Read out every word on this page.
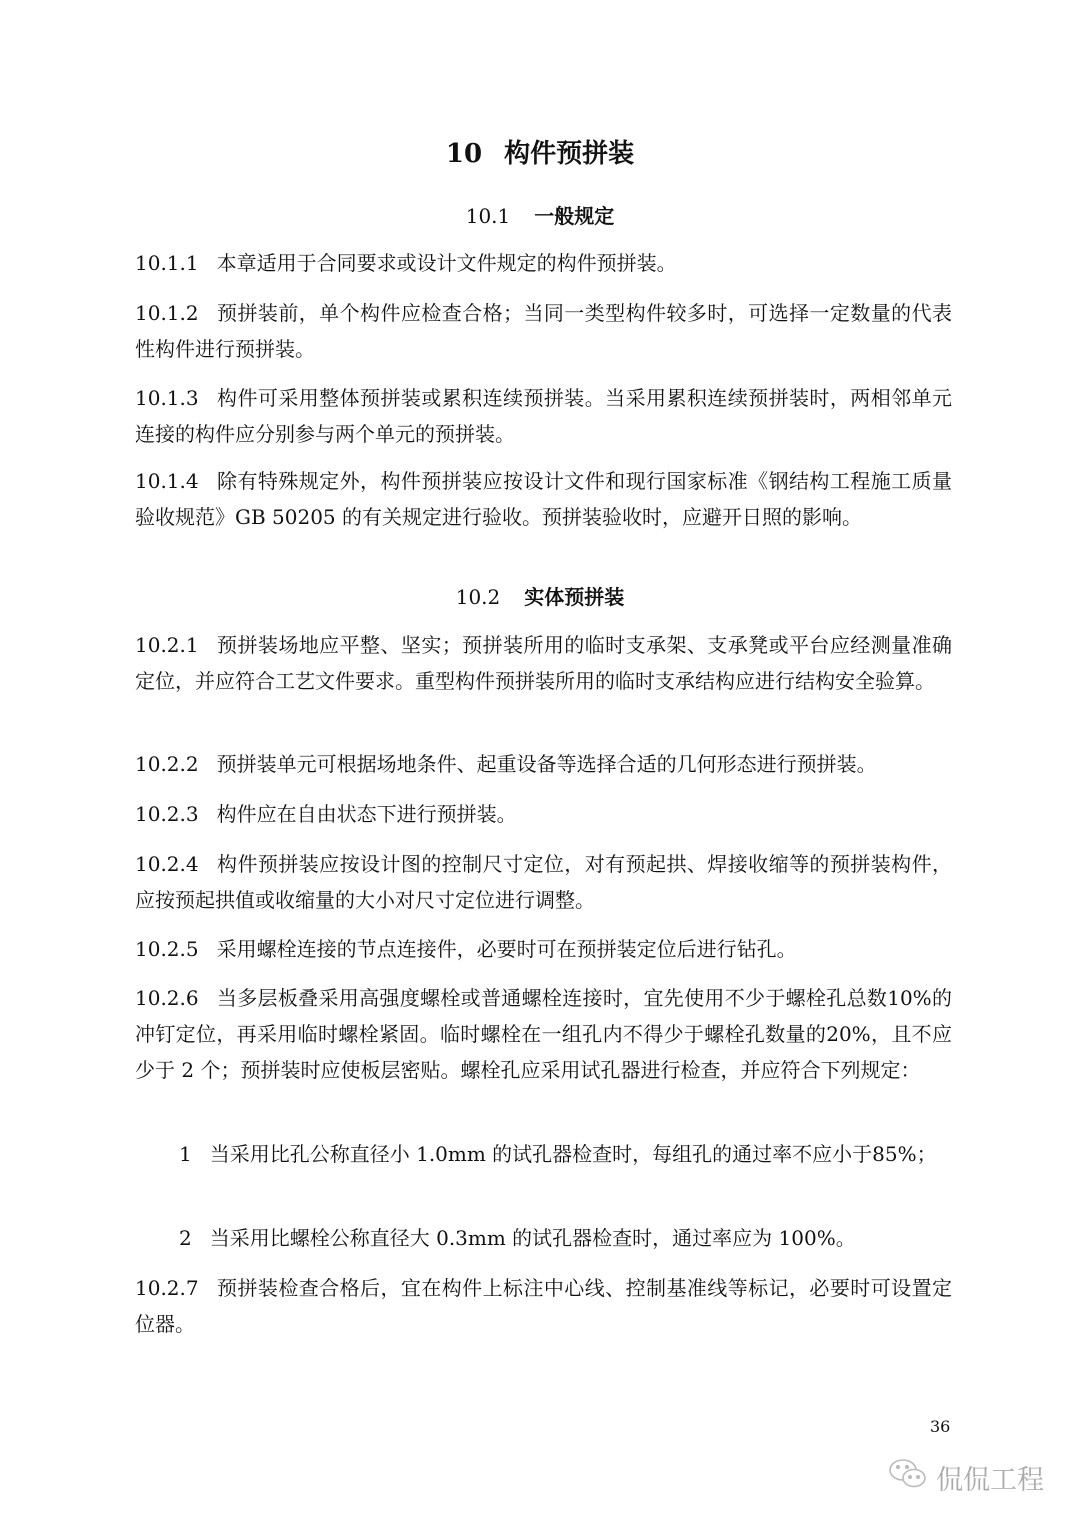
10 构件预拼装
10.1 一般规定

10.1.1 本章适用于合同要求或设计文件规定的构件预拼装。

10.1.2 预拼装前，单个构件应检查合格；当同一类型构件较多时，可选择一定数量的代表性构件进行预拼装。

10.1.3 构件可采用整体预拼装或累积连续预拼装。当采用累积连续预拼装时，两相邻单元连接的构件应分别参与两个单元的预拼装。

10.1.4 除有特殊规定外，构件预拼装应按设计文件和现行国家标准《钢结构工程施工质量验收规范》GB 50205 的有关规定进行验收。预拼装验收时，应避开日照的影响。

10.2 实体预拼装

10.2.1 预拼装场地应平整、坚实；预拼装所用的临时支承架、支承凳或平台应经测量准确定位，并应符合工艺文件要求。重型构件预拼装所用的临时支承结构应进行结构安全验算。

10.2.2 预拼装单元可根据场地条件、起重设备等选择合适的几何形态进行预拼装。

10.2.3 构件应在自由状态下进行预拼装。

10.2.4 构件预拼装应按设计图的控制尺寸定位，对有预起拱、焊接收缩等的预拼装构件，应按预起拱值或收缩量的大小对尺寸定位进行调整。

10.2.5 采用螺栓连接的节点连接件，必要时可在预拼装定位后进行钻孔。

10.2.6 当多层板叠采用高强度螺栓或普通螺栓连接时，宜先使用不少于螺栓孔总数10%的冲钉定位，再采用临时螺栓紧固。临时螺栓在一组孔内不得少于螺栓孔数量的20%，且不应少于 2 个；预拼装时应使板层密贴。螺栓孔应采用试孔器进行检查，并应符合下列规定：

1 当采用比孔公称直径小 1.0mm 的试孔器检查时，每组孔的通过率不应小于85%；

2 当采用比螺栓公称直径大 0.3mm 的试孔器检查时，通过率应为 100%。

10.2.7 预拼装检查合格后，宜在构件上标注中心线、控制基准线等标记，必要时可设置定位器。

36
侃侃工程
